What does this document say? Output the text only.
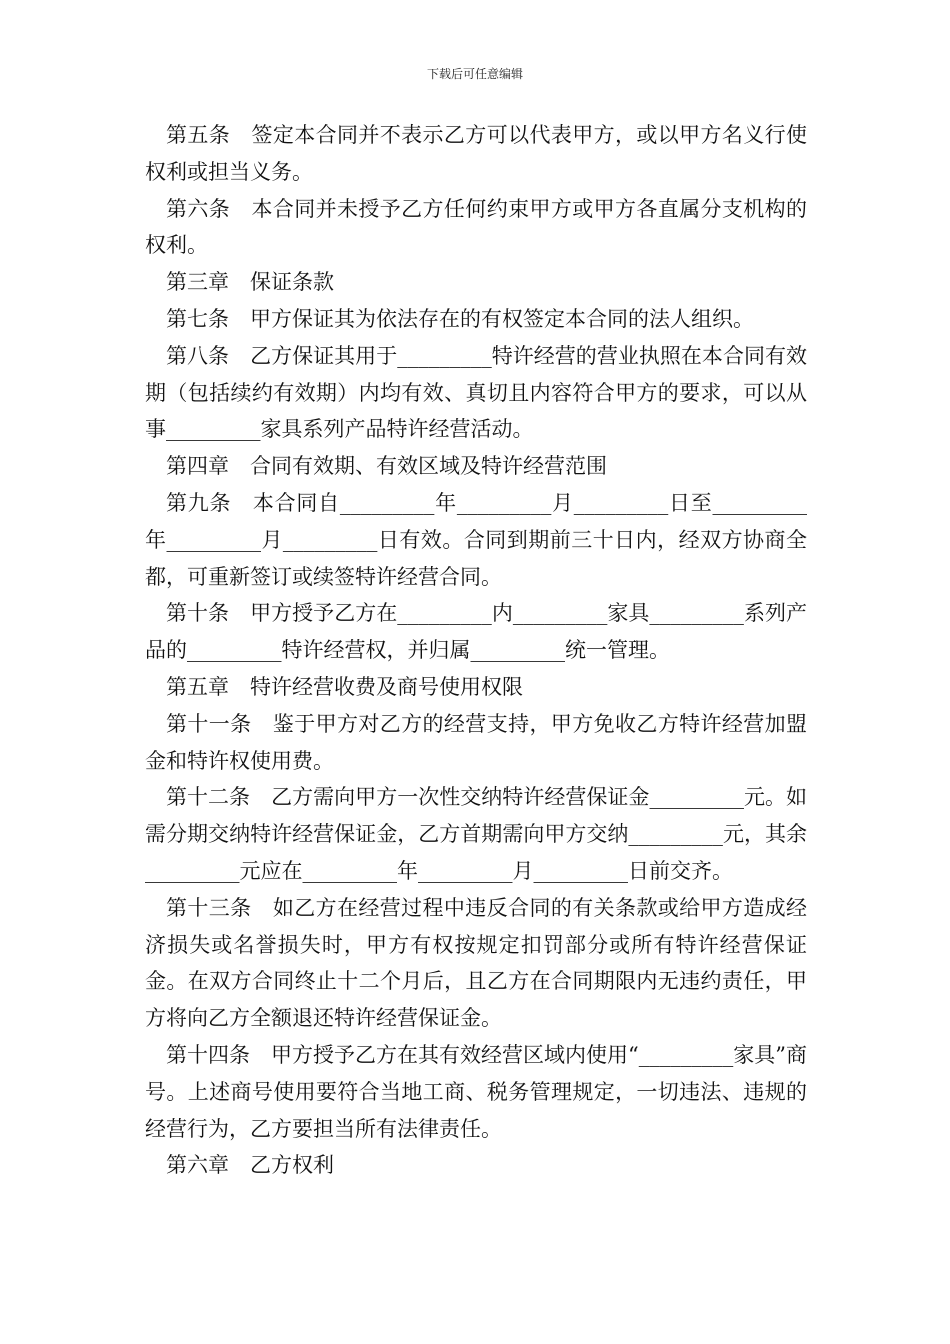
下载后可任意编辑

第五条　签定本合同并不表示乙方可以代表甲方，或以甲方名义行使权利或担当义务。

第六条　本合同并未授予乙方任何约束甲方或甲方各直属分支机构的权利。

第三章　保证条款

第七条　甲方保证其为依法存在的有权签定本合同的法人组织。

第八条　乙方保证其用于_________特许经营的营业执照在本合同有效期（包括续约有效期）内均有效、真切且内容符合甲方的要求，可以从事_________家具系列产品特许经营活动。

第四章　合同有效期、有效区域及特许经营范围

第九条　本合同自_________年_________月_________日至_________年_________月_________日有效。合同到期前三十日内，经双方协商全都，可重新签订或续签特许经营合同。

第十条　甲方授予乙方在_________内_________家具_________系列产品的_________特许经营权，并归属_________统一管理。

第五章　特许经营收费及商号使用权限

第十一条　鉴于甲方对乙方的经营支持，甲方免收乙方特许经营加盟金和特许权使用费。

第十二条　乙方需向甲方一次性交纳特许经营保证金_________元。如需分期交纳特许经营保证金，乙方首期需向甲方交纳_________元，其余_________元应在_________年_________月_________日前交齐。

第十三条　如乙方在经营过程中违反合同的有关条款或给甲方造成经济损失或名誉损失时，甲方有权按规定扣罚部分或所有特许经营保证金。在双方合同终止十二个月后，且乙方在合同期限内无违约责任，甲方将向乙方全额退还特许经营保证金。

第十四条　甲方授予乙方在其有效经营区域内使用“_________家具”商号。上述商号使用要符合当地工商、税务管理规定，一切违法、违规的经营行为，乙方要担当所有法律责任。

第六章　乙方权利
